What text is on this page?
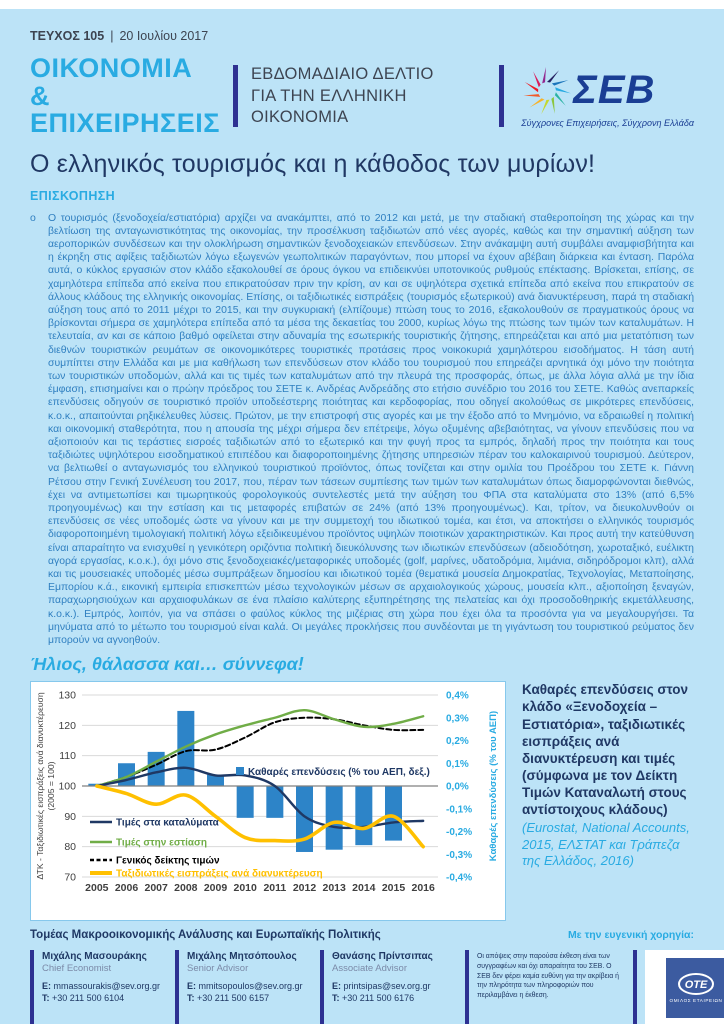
ΤΕΥΧΟΣ 105 | 20 Ιουλίου 2017
ΟΙΚΟΝΟΜΙΑ &
ΕΠΙΧΕΙΡΗΣΕΙΣ
ΕΒΔΟΜΑΔΙΑΙΟ ΔΕΛΤΙΟ
ΓΙΑ ΤΗΝ ΕΛΛΗΝΙΚΗ ΟΙΚΟΝΟΜΙΑ
ΣΕΒ
Σύγχρονες Επιχειρήσεις, Σύγχρονη Ελλάδα
Ο ελληνικός τουρισμός και η κάθοδος των μυρίων!
ΕΠΙΣΚΟΠΗΣΗ
o	Ο τουρισμός (ξενοδοχεία/εστιατόρια) αρχίζει να ανακάμπτει, από το 2012 και μετά, με την σταδιακή σταθεροποίηση της χώρας και την βελτίωση της ανταγωνιστικότητας της οικονομίας, την προσέλκυση ταξιδιωτών από νέες αγορές, καθώς και την σημαντική αύξηση των αεροπορικών συνδέσεων και την ολοκλήρωση σημαντικών ξενοδοχειακών επενδύσεων. Στην ανάκαμψη αυτή συμβάλει αναμφισβήτητα και η έκρηξη στις αφίξεις ταξιδιωτών λόγω εξωγενών γεωπολιτικών παραγόντων, που μπορεί να έχουν αβέβαιη διάρκεια και ένταση. Παρόλα αυτά, ο κύκλος εργασιών στον κλάδο εξακολουθεί σε όρους όγκου να επιδεικνύει υποτονικούς ρυθμούς επέκτασης. Βρίσκεται, επίσης, σε χαμηλότερα επίπεδα από εκείνα που επικρατούσαν πριν την κρίση, αν και σε υψηλότερα σχετικά επίπεδα από εκείνα που επικρατούν σε άλλους κλάδους της ελληνικής οικονομίας. Επίσης, οι ταξιδιωτικές εισπράξεις (τουρισμός εξωτερικού) ανά διανυκτέρευση, παρά τη σταδιακή αύξηση τους από το 2011 μέχρι το 2015, και την συγκυριακή (ελπίζουμε) πτώση τους το 2016, εξακολουθούν σε πραγματικούς όρους να βρίσκονται σήμερα σε χαμηλότερα επίπεδα από τα μέσα της δεκαετίας του 2000, κυρίως λόγω της πτώσης των τιμών των καταλυμάτων. Η τελευταία, αν και σε κάποιο βαθμό οφείλεται στην αδυναμία της εσωτερικής τουριστικής ζήτησης, επηρεάζεται και από μια μετατόπιση των διεθνών τουριστικών ρευμάτων σε οικονομικότερες τουριστικές προτάσεις προς νοικοκυριά χαμηλότερου εισοδήματος. Η τάση αυτή συμπίπτει στην Ελλάδα και με μια καθήλωση των επενδύσεων στον κλάδο του τουρισμού που επηρεάζει αρνητικά όχι μόνο την ποιότητα των τουριστικών υποδομών, αλλά και τις τιμές των καταλυμάτων από την πλευρά της προσφοράς, όπως, με άλλα λόγια αλλά με την ίδια έμφαση, επισημαίνει και ο πρώην πρόεδρος του ΣΕΤΕ κ. Ανδρέας Ανδρεάδης στο ετήσιο συνέδριο του 2016 του ΣΕΤΕ. Καθώς ανεπαρκείς επενδύσεις οδηγούν σε τουριστικό προϊόν υποδεέστερης ποιότητας και κερδοφορίας, που οδηγεί ακολούθως σε μικρότερες επενδύσεις, κ.ο.κ., απαιτούνται ρηξικέλευθες λύσεις. Πρώτον, με την επιστροφή στις αγορές και με την έξοδο από το Μνημόνιο, να εδραιωθεί η πολιτική και οικονομική σταθερότητα, που η απουσία της μέχρι σήμερα δεν επέτρεψε, λόγω οξυμένης αβεβαιότητας, να γίνουν επενδύσεις που να αξιοποιούν και τις τεράστιες εισροές ταξιδιωτών από το εξωτερικό και την φυγή προς τα εμπρός, δηλαδή προς την ποιότητα και τους ταξιδιώτες υψηλότερου εισοδηματικού επιπέδου και διαφοροποιημένης ζήτησης υπηρεσιών πέραν του καλοκαιρινού τουρισμού. Δεύτερον, να βελτιωθεί ο ανταγωνισμός του ελληνικού τουριστικού προϊόντος, όπως τονίζεται και στην ομιλία του Προέδρου του ΣΕΤΕ κ. Γιάννη Ρέτσου στην Γενική Συνέλευση του 2017, που, πέραν των τάσεων συμπίεσης των τιμών των καταλυμάτων όπως διαμορφώνονται διεθνώς, έχει να αντιμετωπίσει και τιμωρητικούς φορολογικούς συντελεστές μετά την αύξηση του ΦΠΑ στα καταλύματα στο 13% (από 6,5% προηγουμένως) και την εστίαση και τις μεταφορές επιβατών σε 24% (από 13% προηγουμένως). Και, τρίτον, να διευκολυνθούν οι επενδύσεις σε νέες υποδομές ώστε να γίνουν και με την συμμετοχή του ιδιωτικού τομέα, και έτσι, να αποκτήσει ο ελληνικός τουρισμός διαφοροποιημένη τιμολογιακή πολιτική λόγω εξειδικευμένου προϊόντος υψηλών ποιοτικών χαρακτηριστικών. Και προς αυτή την κατεύθυνση είναι απαραίτητο να ενισχυθεί η γενικότερη οριζόντια πολιτική διευκόλυνσης των ιδιωτικών επενδύσεων (αδειοδότηση, χωροταξικό, ευέλικτη αγορά εργασίας, κ.ο.κ.), όχι μόνο στις ξενοδοχειακές/μεταφορικές υποδομές (golf, μαρίνες, υδατοδρόμια, λιμάνια, σιδηρόδρομοι κλπ), αλλά και τις μουσειακές υποδομές μέσω συμπράξεων δημοσίου και ιδιωτικού τομέα (θεματικά μουσεία Δημοκρατίας, Τεχνολογίας, Μεταποίησης, Εμπορίου κ.ά., εικονική εμπειρία επισκεπτών μέσω τεχνολογικών μέσων σε αρχαιολογικούς χώρους, μουσεία κλπ., αξιοποίηση ξεναγών, παραχωρησιούχων και αρχαιοφυλάκων σε ένα πλαίσιο καλύτερης εξυπηρέτησης της πελατείας και όχι προσοδοθηρικής εκμετάλλευσης, κ.ο.κ.). Εμπρός, λοιπόν, για να σπάσει ο φαύλος κύκλος της μιζέριας στη χώρα που έχει όλα τα προσόντα για να μεγαλουργήσει. Τα μηνύματα από το μέτωπο του τουρισμού είναι καλά. Οι μεγάλες προκλήσεις που συνδέονται με τη γιγάντωση του τουριστικού ρεύματος δεν μπορούν να αγνοηθούν.
Ήλιος, θάλασσα και… σύννεφα!
130
120
110
100
90
80
70
0,4%
0,3%
0,2%
0,1%
0,0%
-0,1%
-0,2%
-0,3%
-0,4%
2005 2006 2007 2008 2009 2010 2011 2012 2013 2014 2015 2016
Καθαρές επενδύσεις (% του ΑΕΠ, δεξ.)
Τιμές στα καταλύματα
Τιμές στην εστίαση
Γενικός δείκτης τιμών
Ταξιδιωτικές εισπράξεις ανά διανυκτέρευση
ΔΤΚ - Ταξιδιωτικές εισπράξεις ανά διανυκτέρευση (2005 = 100)	Καθαρές επενδύσεις (% του ΑΕΠ)
Καθαρές επενδύσεις στον κλάδο «Ξενοδοχεία – Εστιατόρια», ταξιδιωτικές εισπράξεις ανά διανυκτέρευση και τιμές (σύμφωνα με τον Δείκτη Τιμών Καταναλωτή στους αντίστοιχους κλάδους)
(Eurostat, National Accounts, 2015, ΕΛΣΤΑΤ και Τράπεζα της Ελλάδος, 2016)
Τομέας Μακροοικονομικής Ανάλυσης και Ευρωπαϊκής Πολιτικής	Με την ευγενική χορηγία:
Μιχάλης Μασουράκης
Chief Economist
E: mmassourakis@sev.org.gr
T: +30 211 500 6104
Μιχάλης Μητσόπουλος
Senior Advisor
E: mmitsopoulos@sev.org.gr
T: +30 211 500 6157
Θανάσης Πρίντσιπας
Associate Advisor
E: printsipas@sev.org.gr
T: +30 211 500 6176
Οι απόψεις στην παρούσα έκθεση είναι των συγγραφέων και όχι απαραίτητα του ΣΕΒ. Ο ΣΕΒ δεν φέρει καμία ευθύνη για την ακρίβεια ή την πληρότητα των πληροφοριών που περιλαμβάνει η έκθεση.
OTE
ΟΜΙΛΟΣ ΕΤΑΙΡΕΙΩΝ
